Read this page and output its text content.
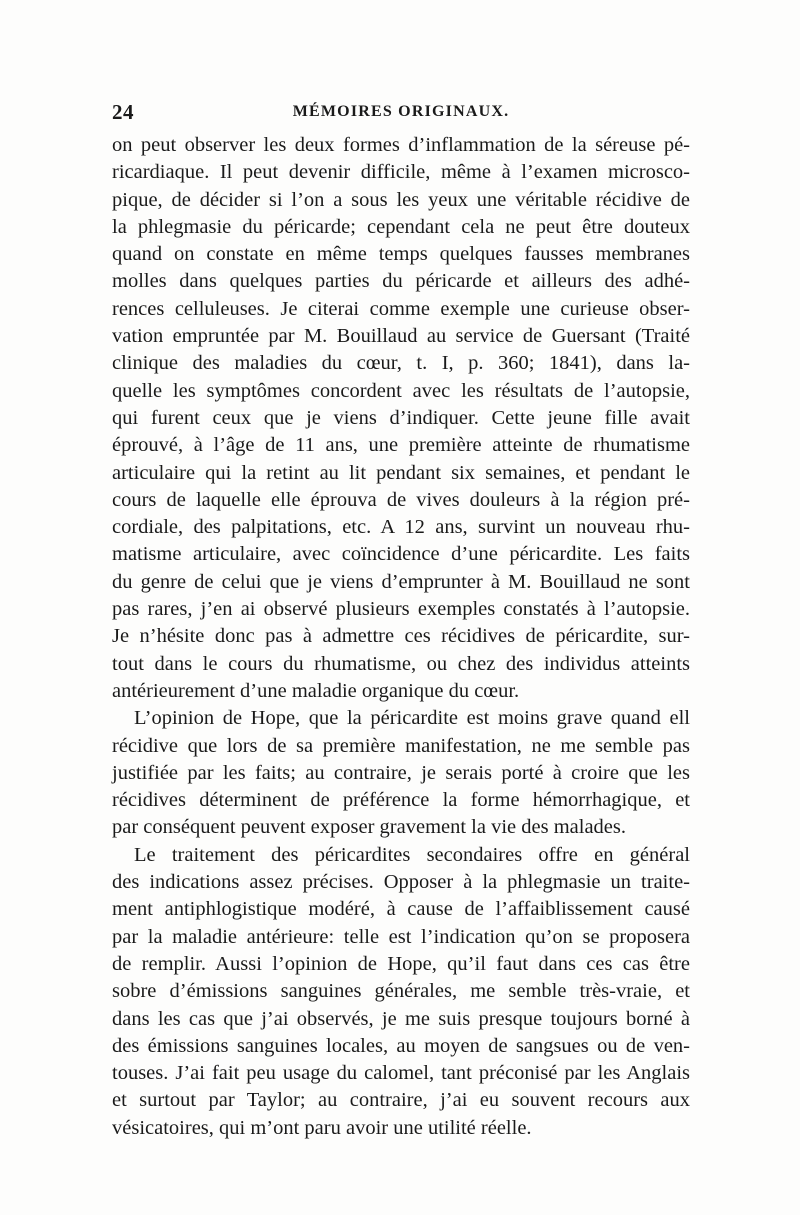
24	MÉMOIRES ORIGINAUX.
on peut observer les deux formes d’inflammation de la séreuse pé-
ricardiaque. Il peut devenir difficile, même à l’examen microsco-
pique, de décider si l’on a sous les yeux une véritable récidive de
la phlegmasie du péricarde; cependant cela ne peut être douteux
quand on constate en même temps quelques fausses membranes
molles dans quelques parties du péricarde et ailleurs des adhé-
rences celluleuses. Je citerai comme exemple une curieuse obser-
vation empruntée par M. Bouillaud au service de Guersant (Traité
clinique des maladies du cœur, t. I, p. 360; 1841), dans la-
quelle les symptômes concordent avec les résultats de l’autopsie,
qui furent ceux que je viens d’indiquer. Cette jeune fille avait
éprouvé, à l’âge de 11 ans, une première atteinte de rhumatisme
articulaire qui la retint au lit pendant six semaines, et pendant le
cours de laquelle elle éprouva de vives douleurs à la région pré-
cordiale, des palpitations, etc. A 12 ans, survint un nouveau rhu-
matisme articulaire, avec coïncidence d’une péricardite. Les faits
du genre de celui que je viens d’emprunter à M. Bouillaud ne sont
pas rares, j’en ai observé plusieurs exemples constatés à l’autopsie.
Je n’hésite donc pas à admettre ces récidives de péricardite, sur-
tout dans le cours du rhumatisme, ou chez des individus atteints
antérieurement d’une maladie organique du cœur.
L’opinion de Hope, que la péricardite est moins grave quand ell
récidive que lors de sa première manifestation, ne me semble pas
justifiée par les faits; au contraire, je serais porté à croire que les
récidives déterminent de préférence la forme hémorrhagique, et
par conséquent peuvent exposer gravement la vie des malades.
Le traitement des péricardites secondaires offre en général
des indications assez précises. Opposer à la phlegmasie un traite-
ment antiphlogistique modéré, à cause de l’affaiblissement causé
par la maladie antérieure: telle est l’indication qu’on se proposera
de remplir. Aussi l’opinion de Hope, qu’il faut dans ces cas être
sobre d’émissions sanguines générales, me semble très-vraie, et
dans les cas que j’ai observés, je me suis presque toujours borné à
des émissions sanguines locales, au moyen de sangsues ou de ven-
touses. J’ai fait peu usage du calomel, tant préconisé par les Anglais
et surtout par Taylor; au contraire, j’ai eu souvent recours aux
vésicatoires, qui m’ont paru avoir une utilité réelle.
